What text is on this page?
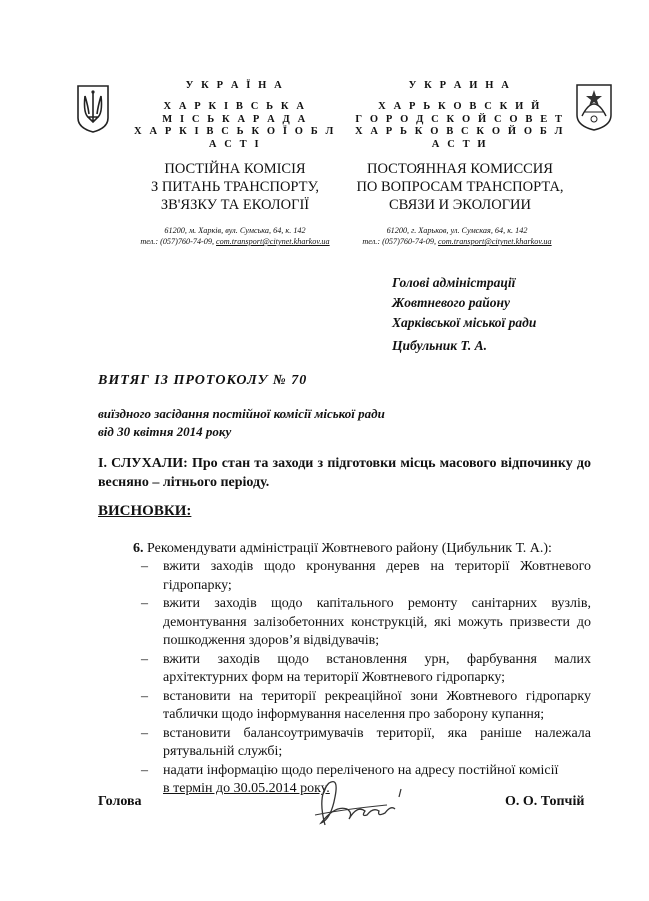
У К Р А Ї Н А
Х А Р К І В С Ь К А
М І С Ь К А Р А Д А
Х А Р К І В С Ь К О Ї О Б Л А С Т І
ПОСТІЙНА КОМІСІЯ
З ПИТАНЬ ТРАНСПОРТУ,
ЗВ'ЯЗКУ ТА ЕКОЛОГІЇ
61200, м. Харків, вул. Сумська, 64, к. 142
тел.: (057)760-74-09, com.transport@citynet.kharkov.ua
У К Р А И Н А
Х А Р Ь К О В С К И Й
Г О Р О Д С К О Й С О В Е Т
Х А Р Ь К О В С К О Й О Б Л А С Т И
ПОСТОЯННАЯ КОМИССИЯ
ПО ВОПРОСАМ ТРАНСПОРТА,
СВЯЗИ И ЭКОЛОГИИ
61200, г. Харьков, ул. Сумская, 64, к. 142
тел.: (057)760-74-09, com.transport@citynet.kharkov.ua
Голові адміністрації
Жовтневого району
Харківської міської ради
Цибульник Т. А.
ВИТЯГ ІЗ ПРОТОКОЛУ № 70
виїздного засідання постійної комісії міської ради
від 30 квітня 2014 року
І. СЛУХАЛИ: Про стан та заходи з підготовки місць масового відпочинку до весняно – літнього періоду.
ВИСНОВКИ:
6. Рекомендувати адміністрації Жовтневого району (Цибульник Т. А.):
– вжити заходів щодо кронування дерев на території Жовтневого гідропарку;
– вжити заходів щодо капітального ремонту санітарних вузлів, демонтування залізобетонних конструкцій, які можуть призвести до пошкодження здоров’я відвідувачів;
– вжити заходів щодо встановлення урн, фарбування малих архітектурних форм на території Жовтневого гідропарку;
– встановити на території рекреаційної зони Жовтневого гідропарку таблички щодо інформування населення про заборону купання;
– встановити балансоутримувачів території, яка раніше належала рятувальній службі;
– надати інформацію щодо переліченого на адресу постійної комісії
в термін до 30.05.2014 року.
Голова	О. О. Топчій
